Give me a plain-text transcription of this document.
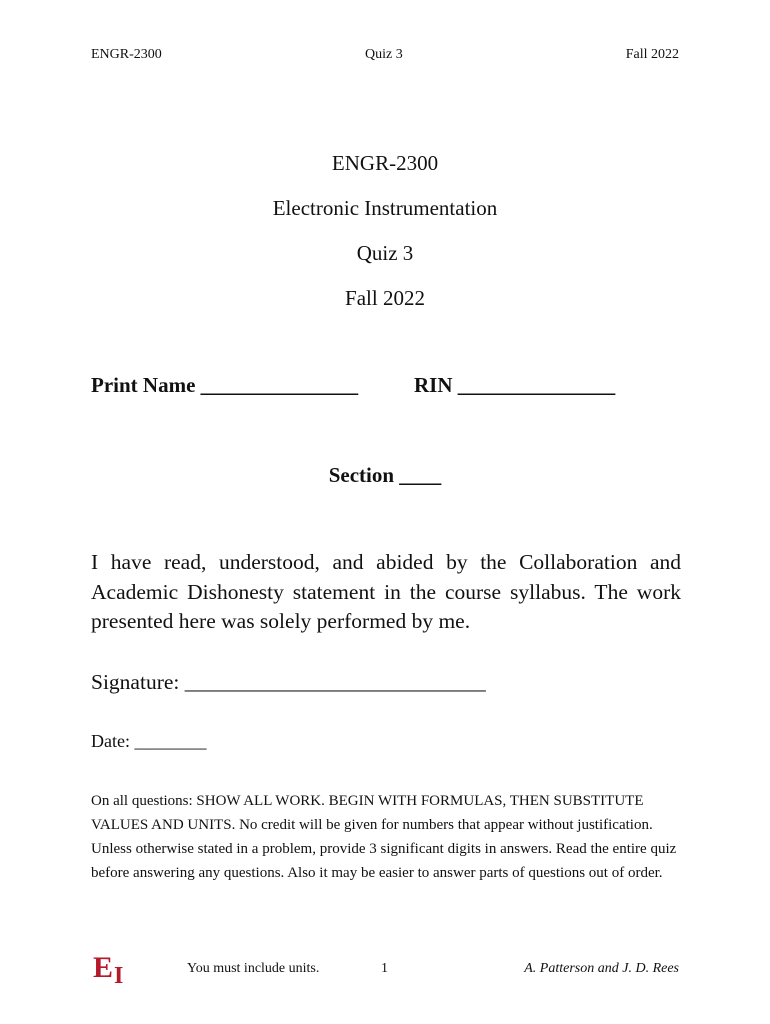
ENGR-2300	Quiz 3	Fall 2022
ENGR-2300
Electronic Instrumentation
Quiz 3
Fall 2022
Print Name _______________	RIN _______________
Section ____
I have read, understood, and abided by the Collaboration and Academic Dishonesty statement in the course syllabus. The work presented here was solely performed by me.
Signature: ____________________________
Date: ________
On all questions: SHOW ALL WORK. BEGIN WITH FORMULAS, THEN SUBSTITUTE VALUES AND UNITS. No credit will be given for numbers that appear without justification. Unless otherwise stated in a problem, provide 3 significant digits in answers. Read the entire quiz before answering any questions. Also it may be easier to answer parts of questions out of order.
$E_I$	You must include units.	1	A. Patterson and J. D. Rees
